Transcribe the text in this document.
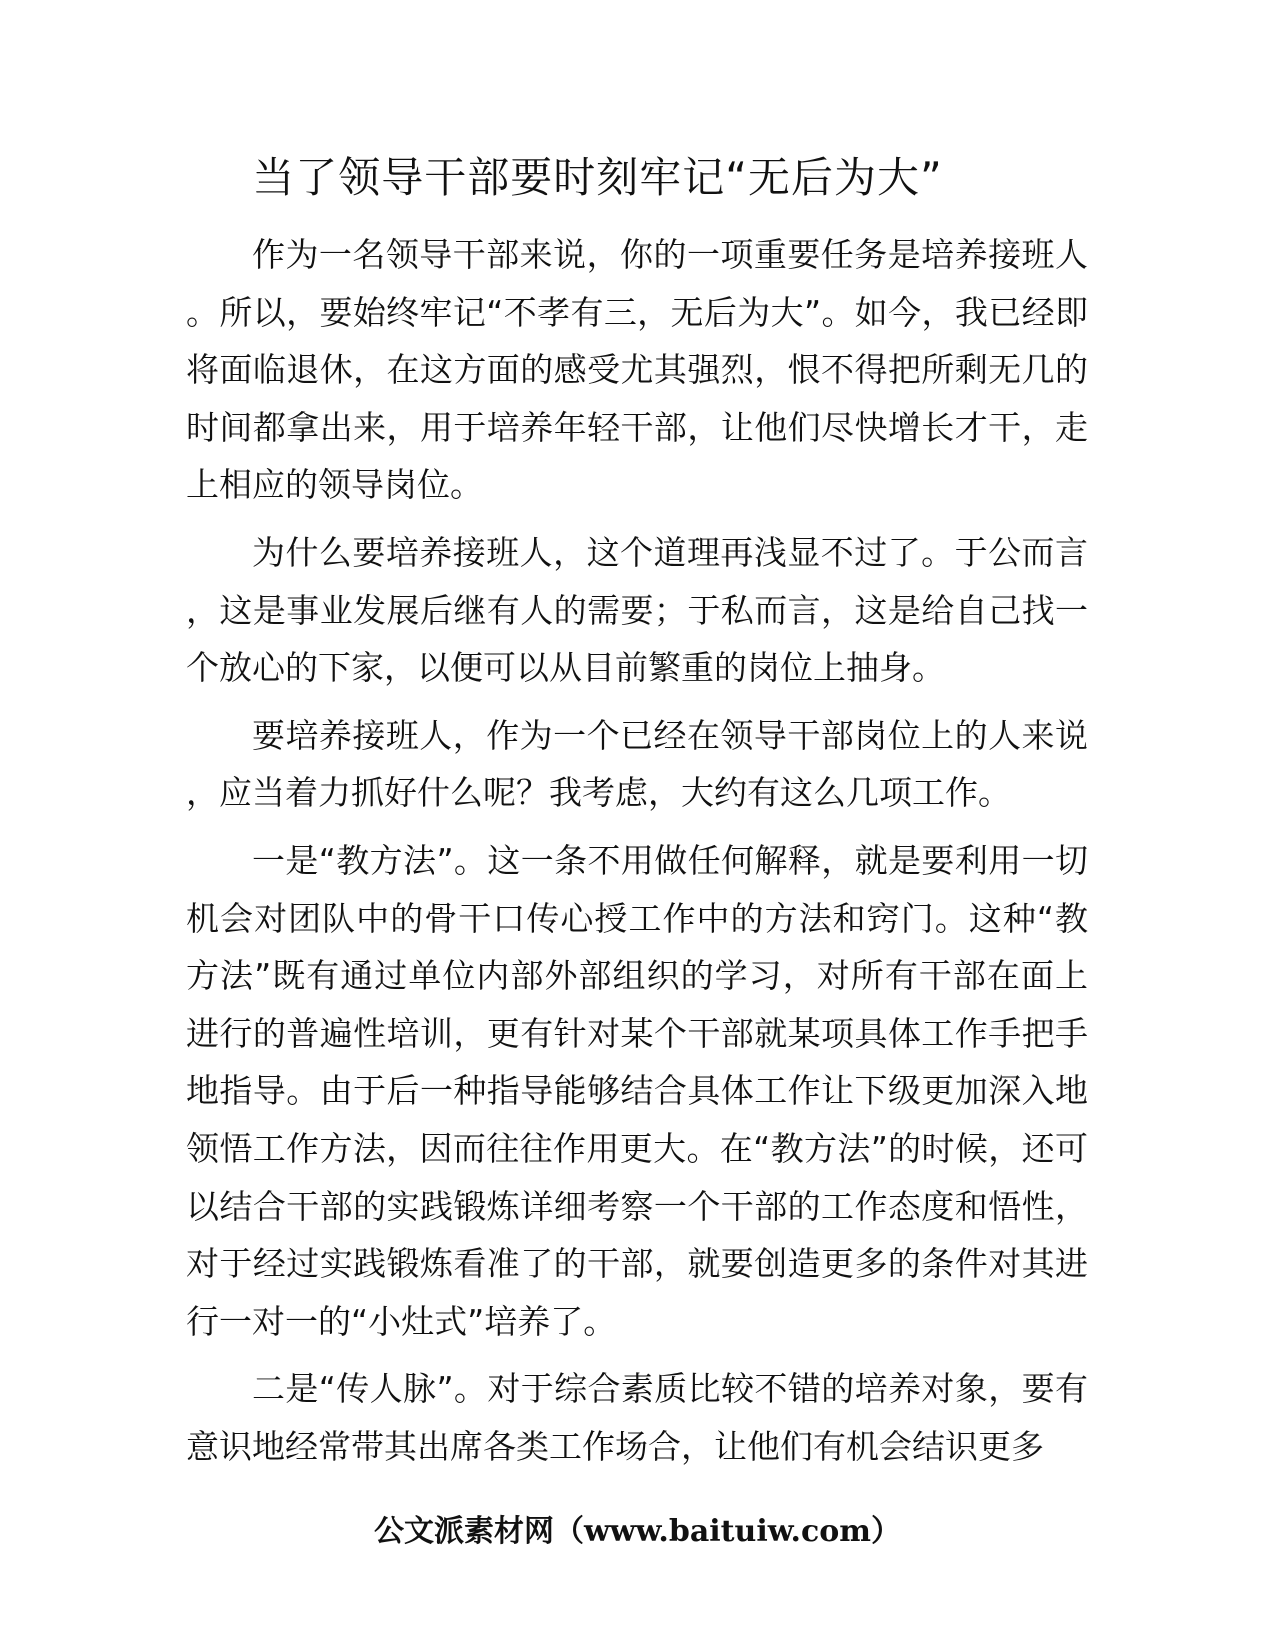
当了领导干部要时刻牢记“无后为大”

作为一名领导干部来说，你的一项重要任务是培养接班人。所以，要始终牢记“不孝有三，无后为大”。如今，我已经即将面临退休，在这方面的感受尤其强烈，恨不得把所剩无几的时间都拿出来，用于培养年轻干部，让他们尽快增长才干，走上相应的领导岗位。

为什么要培养接班人，这个道理再浅显不过了。于公而言，这是事业发展后继有人的需要；于私而言，这是给自己找一个放心的下家，以便可以从目前繁重的岗位上抽身。

要培养接班人，作为一个已经在领导干部岗位上的人来说，应当着力抓好什么呢？我考虑，大约有这么几项工作。

一是“教方法”。这一条不用做任何解释，就是要利用一切机会对团队中的骨干口传心授工作中的方法和窍门。这种“教方法”既有通过单位内部外部组织的学习，对所有干部在面上进行的普遍性培训，更有针对某个干部就某项具体工作手把手地指导。由于后一种指导能够结合具体工作让下级更加深入地领悟工作方法，因而往往作用更大。在“教方法”的时候，还可以结合干部的实践锻炼详细考察一个干部的工作态度和悟性，对于经过实践锻炼看准了的干部，就要创造更多的条件对其进行一对一的“小灶式”培养了。

二是“传人脉”。对于综合素质比较不错的培养对象，要有意识地经常带其出席各类工作场合，让他们有机会结识更多

公文派素材网（www.baituiw.com）
